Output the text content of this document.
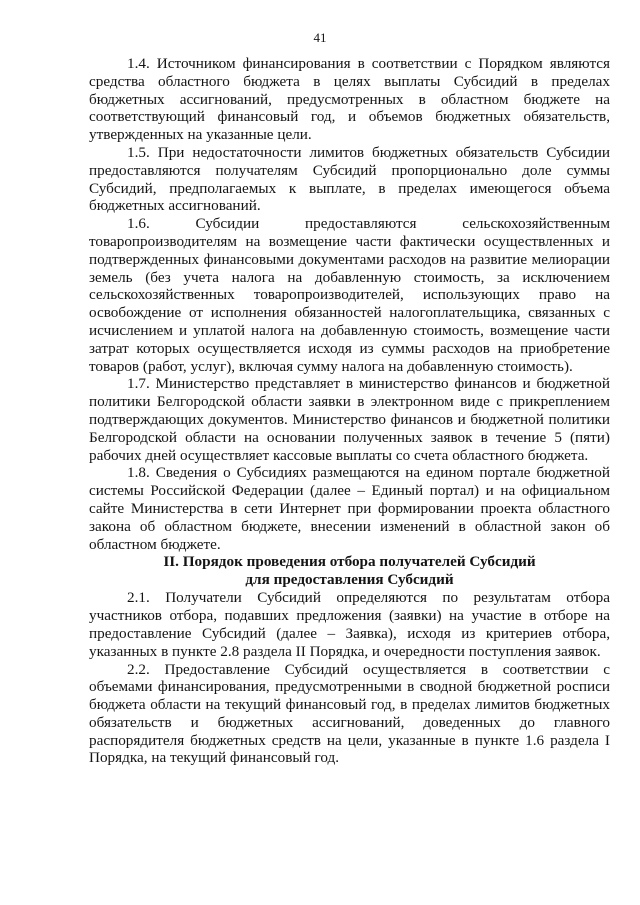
41

1.4. Источником финансирования в соответствии с Порядком являются средства областного бюджета в целях выплаты Субсидий в пределах бюджетных ассигнований, предусмотренных в областном бюджете на соответствующий финансовый год, и объемов бюджетных обязательств, утвержденных на указанные цели.

1.5. При недостаточности лимитов бюджетных обязательств Субсидии предоставляются получателям Субсидий пропорционально доле суммы Субсидий, предполагаемых к выплате, в пределах имеющегося объема бюджетных ассигнований.

1.6. Субсидии предоставляются сельскохозяйственным товаропроизводителям на возмещение части фактически осуществленных и подтвержденных финансовыми документами расходов на развитие мелиорации земель (без учета налога на добавленную стоимость, за исключением сельскохозяйственных товаропроизводителей, использующих право на освобождение от исполнения обязанностей налогоплательщика, связанных с исчислением и уплатой налога на добавленную стоимость, возмещение части затрат которых осуществляется исходя из суммы расходов на приобретение товаров (работ, услуг), включая сумму налога на добавленную стоимость).

1.7. Министерство представляет в министерство финансов и бюджетной политики Белгородской области заявки в электронном виде с прикреплением подтверждающих документов. Министерство финансов и бюджетной политики Белгородской области на основании полученных заявок в течение 5 (пяти) рабочих дней осуществляет кассовые выплаты со счета областного бюджета.

1.8. Сведения о Субсидиях размещаются на едином портале бюджетной системы Российской Федерации (далее – Единый портал) и на официальном сайте Министерства в сети Интернет при формировании проекта областного закона об областном бюджете, внесении изменений в областной закон об областном бюджете.

II. Порядок проведения отбора получателей Субсидий
для предоставления Субсидий

2.1. Получатели Субсидий определяются по результатам отбора участников отбора, подавших предложения (заявки) на участие в отборе на предоставление Субсидий (далее – Заявка), исходя из критериев отбора, указанных в пункте 2.8 раздела II Порядка, и очередности поступления заявок.

2.2. Предоставление Субсидий осуществляется в соответствии с объемами финансирования, предусмотренными в сводной бюджетной росписи бюджета области на текущий финансовый год, в пределах лимитов бюджетных обязательств и бюджетных ассигнований, доведенных до главного распорядителя бюджетных средств на цели, указанные в пункте 1.6 раздела I Порядка, на текущий финансовый год.
